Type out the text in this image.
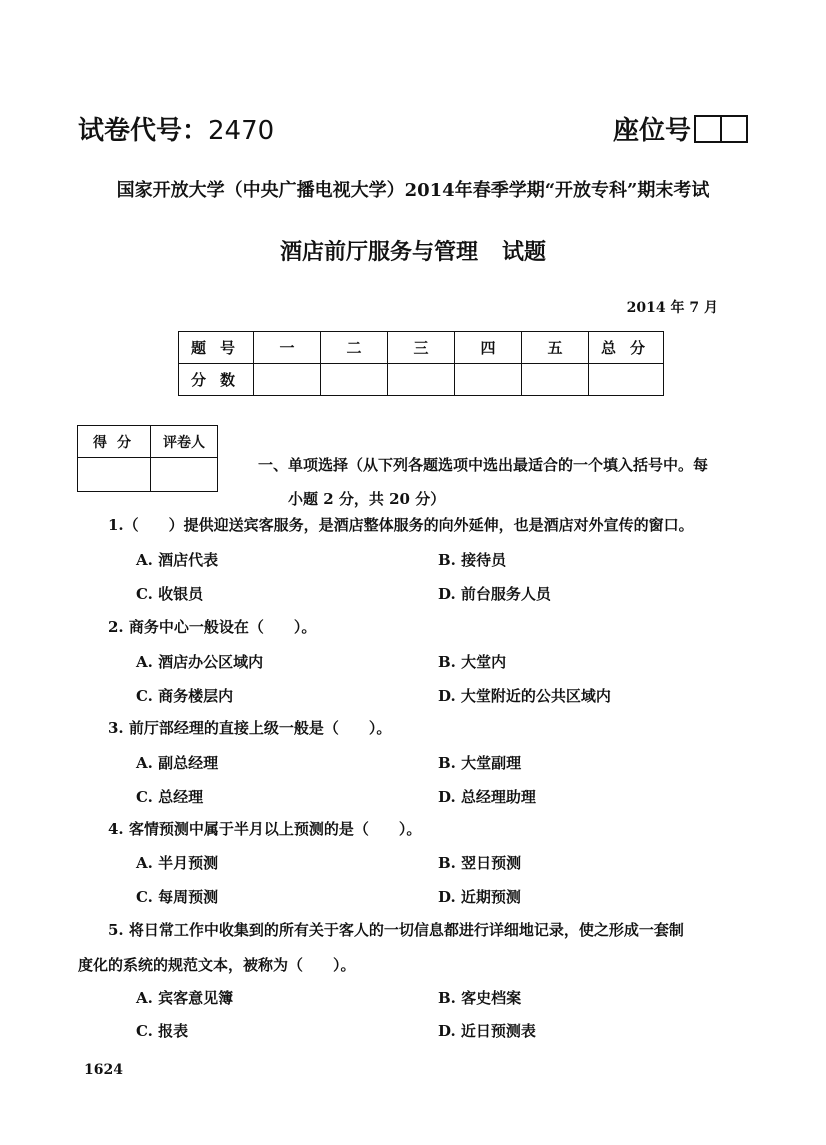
试卷代号：2470	座位号
国家开放大学（中央广播电视大学）2014年春季学期“开放专科”期末考试
酒店前厅服务与管理 试题
2014 年 7 月
题号	一	二	三	四	五	总分
分数						
得分	评卷人

一、单项选择（从下列各题选项中选出最适合的一个填入括号中。每
小题 2 分，共 20 分）
1.（　　）提供迎送宾客服务，是酒店整体服务的向外延伸，也是酒店对外宣传的窗口。
A. 酒店代表	B. 接待员
C. 收银员	D. 前台服务人员
2. 商务中心一般设在（　　）。
A. 酒店办公区域内	B. 大堂内
C. 商务楼层内	D. 大堂附近的公共区域内
3. 前厅部经理的直接上级一般是（　　）。
A. 副总经理	B. 大堂副理
C. 总经理	D. 总经理助理
4. 客情预测中属于半月以上预测的是（　　）。
A. 半月预测	B. 翌日预测
C. 每周预测	D. 近期预测
5. 将日常工作中收集到的所有关于客人的一切信息都进行详细地记录，使之形成一套制
度化的系统的规范文本，被称为（　　）。
A. 宾客意见簿	B. 客史档案
C. 报表	D. 近日预测表
1624
